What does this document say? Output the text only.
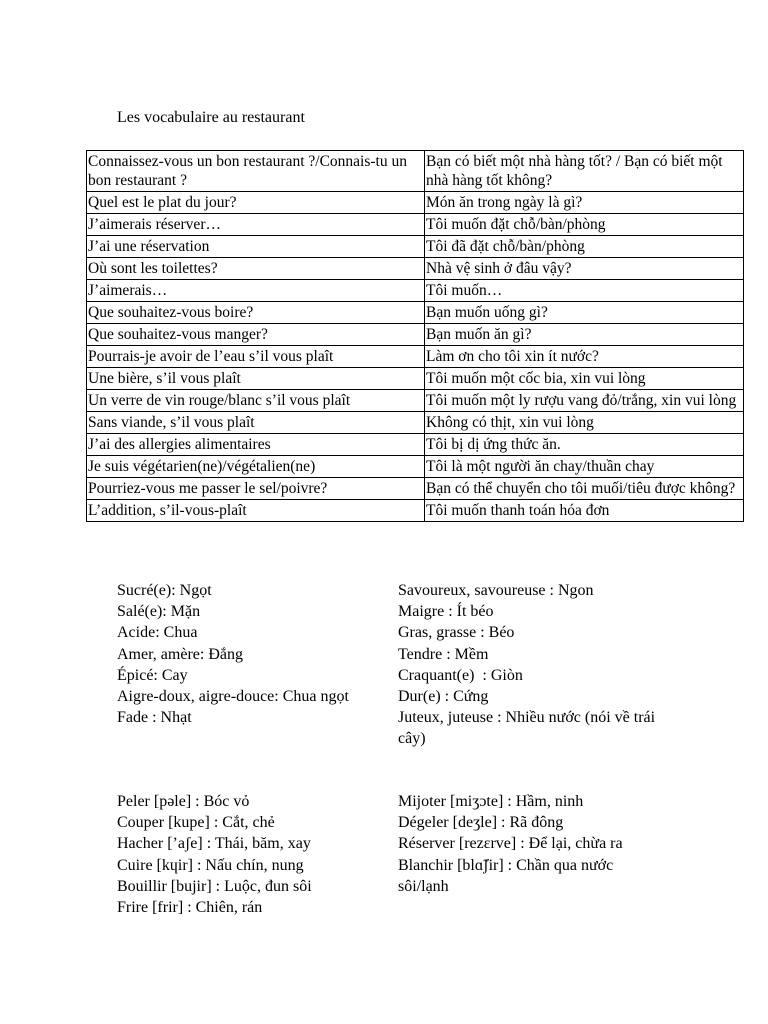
Les vocabulaire au restaurant
Connaissez-vous un bon restaurant ?/Connais-tu un bon restaurant ?	Bạn có biết một nhà hàng tốt? / Bạn có biết một nhà hàng tốt không?
Quel est le plat du jour?	Món ăn trong ngày là gì?
J’aimerais réserver…	Tôi muốn đặt chỗ/bàn/phòng
J’ai une réservation	Tôi đã đặt chỗ/bàn/phòng
Où sont les toilettes?	Nhà vệ sinh ở đâu vậy?
J’aimerais…	Tôi muốn…
Que souhaitez-vous boire?	Bạn muốn uống gì?
Que souhaitez-vous manger?	Bạn muốn ăn gì?
Pourrais-je avoir de l’eau s’il vous plaît	Làm ơn cho tôi xin ít nước?
Une bière, s’il vous plaît	Tôi muốn một cốc bia, xin vui lòng
Un verre de vin rouge/blanc s’il vous plaît	Tôi muốn một ly rượu vang đỏ/trắng, xin vui lòng
Sans viande, s’il vous plaît	Không có thịt, xin vui lòng
J’ai des allergies alimentaires	Tôi bị dị ứng thức ăn.
Je suis végétarien(ne)/végétalien(ne)	Tôi là một người ăn chay/thuần chay
Pourriez-vous me passer le sel/poivre?	Bạn có thể chuyển cho tôi muối/tiêu được không?
L’addition, s’il-vous-plaît	Tôi muốn thanh toán hóa đơn
Sucré(e): Ngọt
Salé(e): Mặn
Acide: Chua
Amer, amère: Đắng
Épicé: Cay
Aigre-doux, aigre-douce: Chua ngọt
Fade : Nhạt
Savoureux, savoureuse : Ngon
Maigre : Ít béo
Gras, grasse : Béo
Tendre : Mềm
Craquant(e)  : Giòn
Dur(e) : Cứng
Juteux, juteuse : Nhiều nước (nói về trái cây)
Peler [pəle] : Bóc vỏ
Couper [kupe] : Cắt, chẻ
Hacher [’aʃe] : Thái, băm, xay
Cuire [kɥir] : Nấu chín, nung
Bouillir [bujir] : Luộc, đun sôi
Frire [frir] : Chiên, rán
Mijoter [miʒɔte] : Hầm, ninh
Dégeler [deʒle] : Rã đông
Réserver [rezɛrve] : Để lại, chừa ra
Blanchir [blɑ̃ʃir] : Chần qua nước sôi/lạnh
